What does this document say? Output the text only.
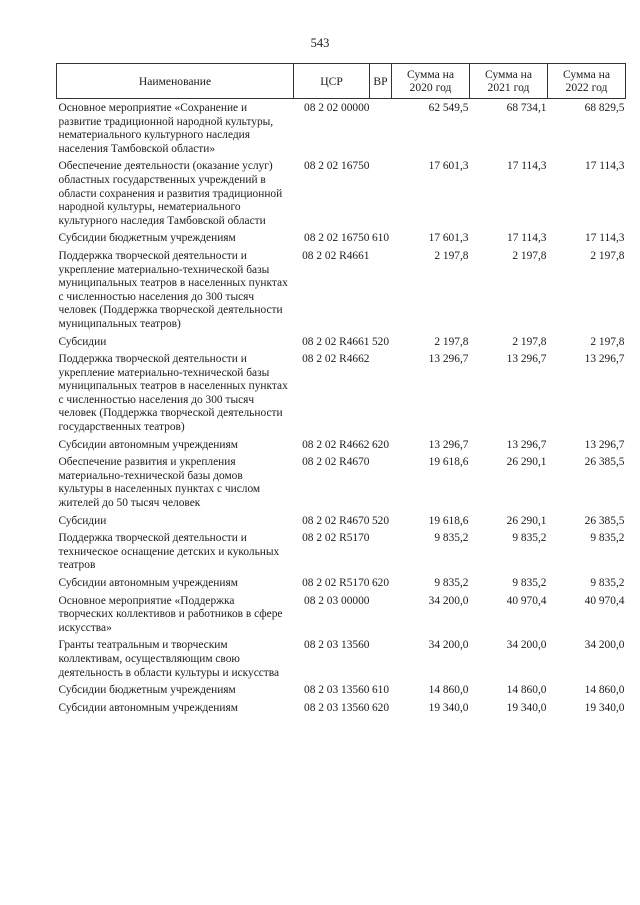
543
Наименование	ЦСР	ВР	Сумма на 2020 год	Сумма на 2021 год	Сумма на 2022 год

Основное мероприятие «Сохранение и развитие традиционной народной культуры, нематериального культурного наследия населения Тамбовской области»	08 2 02 00000		62 549,5	68 734,1	68 829,5
Обеспечение деятельности (оказание услуг) областных государственных учреждений в области сохранения и развития традиционной народной культуры, нематериального культурного наследия Тамбовской области	08 2 02 16750		17 601,3	17 114,3	17 114,3
Субсидии бюджетным учреждениям	08 2 02 16750	610	17 601,3	17 114,3	17 114,3
Поддержка творческой деятельности и укрепление материально-технической базы муниципальных театров в населенных пунктах с численностью населения до 300 тысяч человек (Поддержка творческой деятельности муниципальных театров)	08 2 02 R4661		2 197,8	2 197,8	2 197,8
Субсидии	08 2 02 R4661	520	2 197,8	2 197,8	2 197,8
Поддержка творческой деятельности и укрепление материально-технической базы муниципальных театров в населенных пунктах с численностью населения до 300 тысяч человек (Поддержка творческой деятельности государственных театров)	08 2 02 R4662		13 296,7	13 296,7	13 296,7
Субсидии автономным учреждениям	08 2 02 R4662	620	13 296,7	13 296,7	13 296,7
Обеспечение развития и укрепления материально-технической базы домов культуры в населенных пунктах с числом жителей до 50 тысяч человек	08 2 02 R4670		19 618,6	26 290,1	26 385,5
Субсидии	08 2 02 R4670	520	19 618,6	26 290,1	26 385,5
Поддержка творческой деятельности и техническое оснащение детских и кукольных театров	08 2 02 R5170		9 835,2	9 835,2	9 835,2
Субсидии автономным учреждениям	08 2 02 R5170	620	9 835,2	9 835,2	9 835,2
Основное мероприятие «Поддержка творческих коллективов и работников в сфере искусства»	08 2 03 00000		34 200,0	40 970,4	40 970,4
Гранты театральным и творческим коллективам, осуществляющим свою деятельность в области культуры и искусства	08 2 03 13560		34 200,0	34 200,0	34 200,0
Субсидии бюджетным учреждениям	08 2 03 13560	610	14 860,0	14 860,0	14 860,0
Субсидии автономным учреждениям	08 2 03 13560	620	19 340,0	19 340,0	19 340,0
